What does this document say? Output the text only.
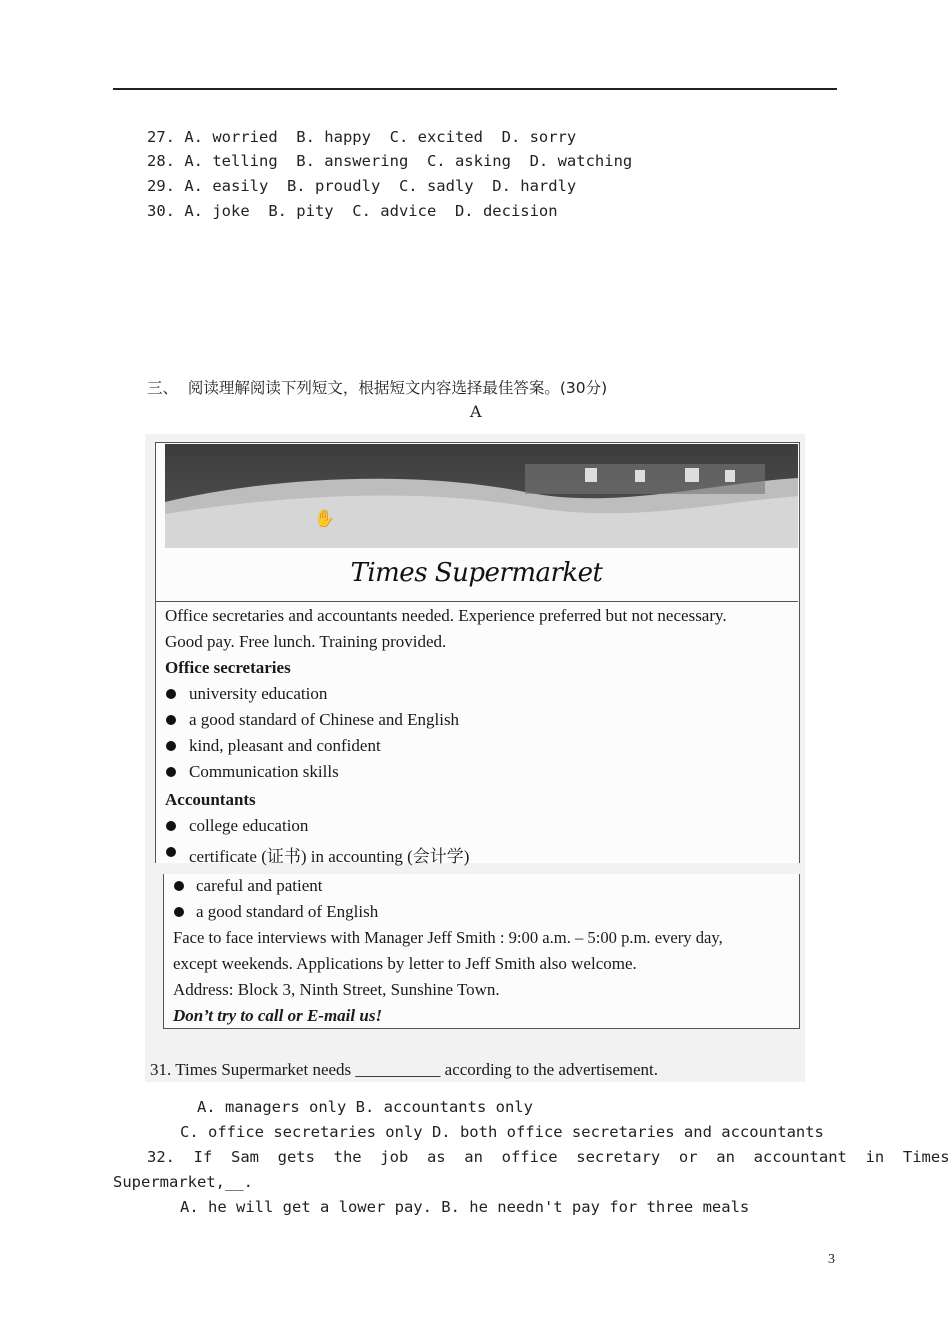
27. A. worried  B. happy  C. excited  D. sorry
28. A. telling  B. answering  C. asking  D. watching
29. A. easily  B. proudly  C. sadly  D. hardly
30. A. joke  B. pity  C. advice  D. decision
三、  阅读理解阅读下列短文，根据短文内容选择最佳答案。(30分)
A
✋
Times Supermarket
Office secretaries and accountants needed. Experience preferred but not necessary.
Good pay. Free lunch. Training provided.
Office secretaries
university education
a good standard of Chinese and English
kind, pleasant and confident
Communication skills
Accountants
college education
certificate (证书) in accounting (会计学)
careful and patient
a good standard of English
Face to face interviews with Manager Jeff Smith : 9:00 a.m. – 5:00 p.m. every day,
except weekends. Applications by letter to Jeff Smith also welcome.
Address: Block 3, Ninth Street, Sunshine Town.
Don’t try to call or E-mail us!
31. Times Supermarket needs __________ according to the advertisement.
A. managers only B. accountants only
C. office secretaries only D. both office secretaries and accountants
32.  If  Sam  gets  the  job  as  an  office  secretary  or  an  accountant  in  Times
Supermarket,__.
A. he will get a lower pay. B. he needn't pay for three meals
3
